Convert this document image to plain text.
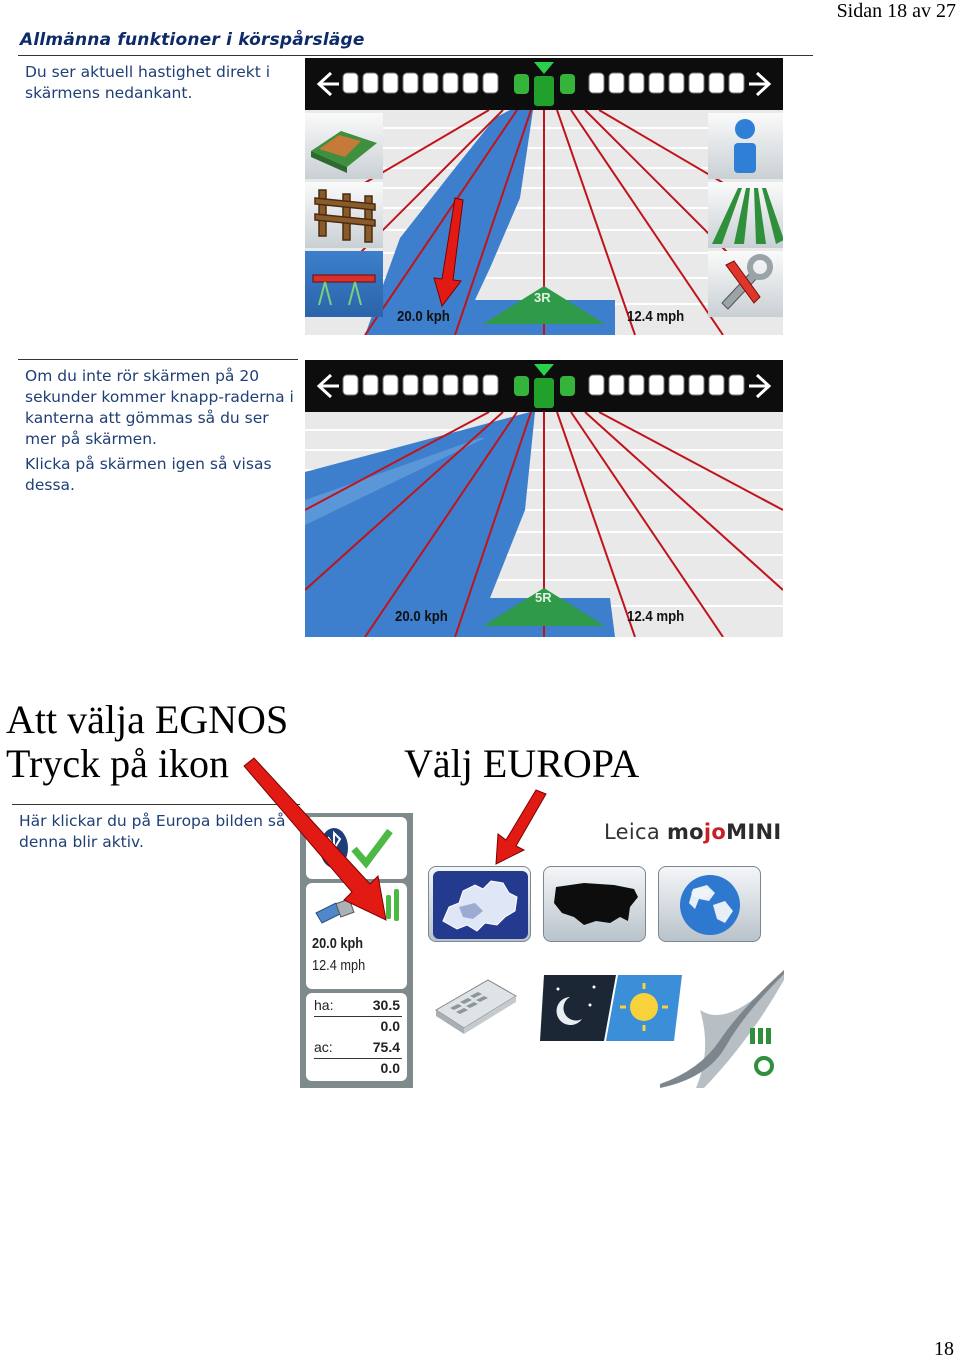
Sidan 18 av 27
18
Allmänna funktioner i körspårsläge
Du ser aktuell hastighet direkt i skärmens nedankant.
20.0 kph	12.4 mph
3R

Om du inte rör skärmen på 20 sekunder kommer knapp-raderna i kanterna att gömmas så du ser mer på skärmen.

Klicka på skärmen igen så visas dessa.

20.0 kph	12.4 mph
5R
Att välja EGNOS
Tryck på ikon	Välj EUROPA
Här klickar du på Europa bilden så denna blir aktiv.
20.0 kph
12.4 mph
ha:	30.5
0.0
ac:	75.4
0.0
Leica mojoMINI
